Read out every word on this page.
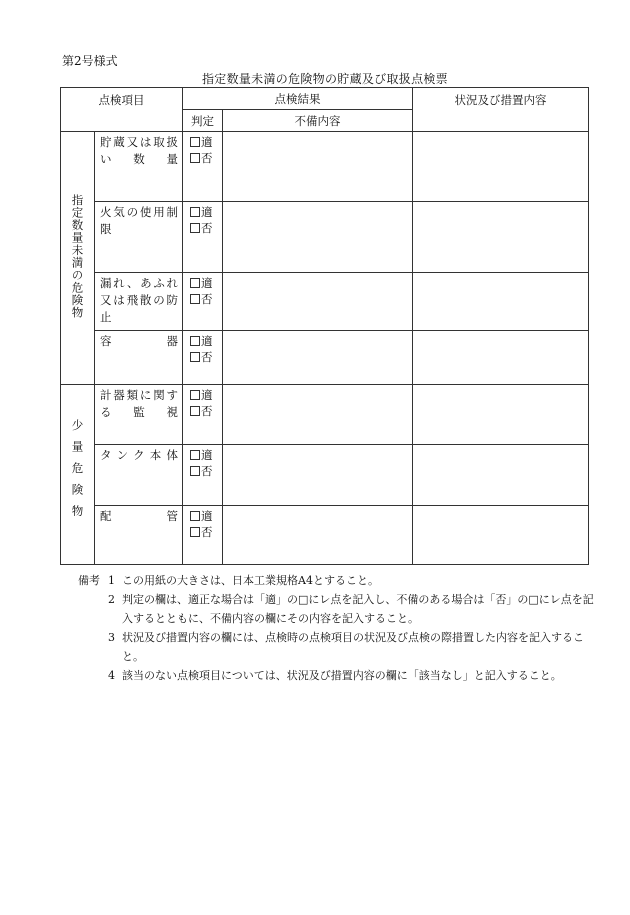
第2号様式
指定数量未満の危険物の貯蔵及び取扱点検票
点検項目		点検結果		状況及び措置内容
		判定	不備内容	
指定数量未満の危険物	貯蔵又は取扱い数量	適
否		

	火気の使用制限	適
否		

	漏れ、あふれ又は飛散の防止	適
否		

	容　　器	適
否		

少量危険物	計器類に関する監視	適
否		

	タンク本体	適
否		

	配　　管	適
否		

備考 1 この用紙の大きさは、日本工業規格A4とすること。
2 判定の欄は、適正な場合は「適」の□にレ点を記入し、不備のある場合は「否」の□にレ点を記入するとともに、不備内容の欄にその内容を記入すること。
3 状況及び措置内容の欄には、点検時の点検項目の状況及び点検の際措置した内容を記入すること。
4 該当のない点検項目については、状況及び措置内容の欄に「該当なし」と記入すること。
